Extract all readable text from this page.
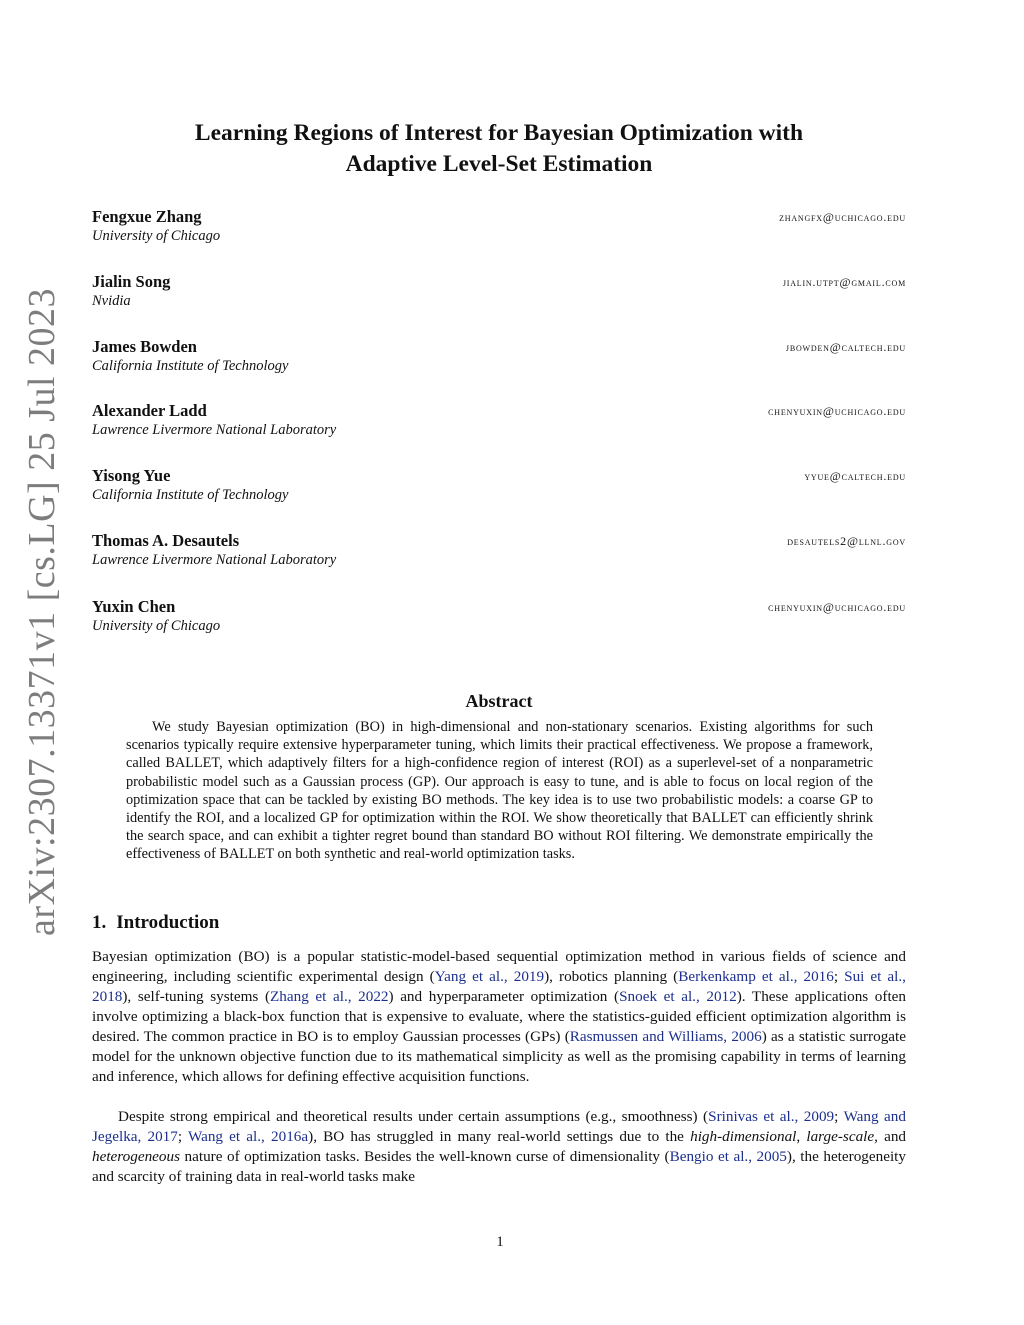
arXiv:2307.13371v1 [cs.LG] 25 Jul 2023
Learning Regions of Interest for Bayesian Optimization with
Adaptive Level-Set Estimation
Fengxue Zhang	zhangfx@uchicago.edu
University of Chicago
Jialin Song	jialin.utpt@gmail.com
Nvidia
James Bowden	jbowden@caltech.edu
California Institute of Technology
Alexander Ladd	chenyuxin@uchicago.edu
Lawrence Livermore National Laboratory
Yisong Yue	yyue@caltech.edu
California Institute of Technology
Thomas A. Desautels	desautels2@llnl.gov
Lawrence Livermore National Laboratory
Yuxin Chen	chenyuxin@uchicago.edu
University of Chicago
Abstract

We study Bayesian optimization (BO) in high-dimensional and non-stationary scenarios. Existing algorithms for such scenarios typically require extensive hyperparameter tuning, which limits their practical effectiveness. We propose a framework, called BALLET, which adaptively filters for a high-confidence region of interest (ROI) as a superlevel-set of a nonparametric probabilistic model such as a Gaussian process (GP). Our approach is easy to tune, and is able to focus on local region of the optimization space that can be tackled by existing BO methods. The key idea is to use two probabilistic models: a coarse GP to identify the ROI, and a localized GP for optimization within the ROI. We show theoretically that BALLET can efficiently shrink the search space, and can exhibit a tighter regret bound than standard BO without ROI filtering. We demonstrate empirically the effectiveness of BALLET on both synthetic and real-world optimization tasks.

1. Introduction

Bayesian optimization (BO) is a popular statistic-model-based sequential optimization method in various fields of science and engineering, including scientific experimental design (Yang et al., 2019), robotics planning (Berkenkamp et al., 2016; Sui et al., 2018), self-tuning systems (Zhang et al., 2022) and hyperparameter optimization (Snoek et al., 2012). These applications often involve optimizing a black-box function that is expensive to evaluate, where the statistics-guided efficient optimization algorithm is desired. The common practice in BO is to employ Gaussian processes (GPs) (Rasmussen and Williams, 2006) as a statistic surrogate model for the unknown objective function due to its mathematical simplicity as well as the promising capability in terms of learning and inference, which allows for defining effective acquisition functions.

Despite strong empirical and theoretical results under certain assumptions (e.g., smoothness) (Srinivas et al., 2009; Wang and Jegelka, 2017; Wang et al., 2016a), BO has struggled in many real-world settings due to the high-dimensional, large-scale, and heterogeneous nature of optimization tasks. Besides the well-known curse of dimensionality (Bengio et al., 2005), the heterogeneity and scarcity of training data in real-world tasks make

1
